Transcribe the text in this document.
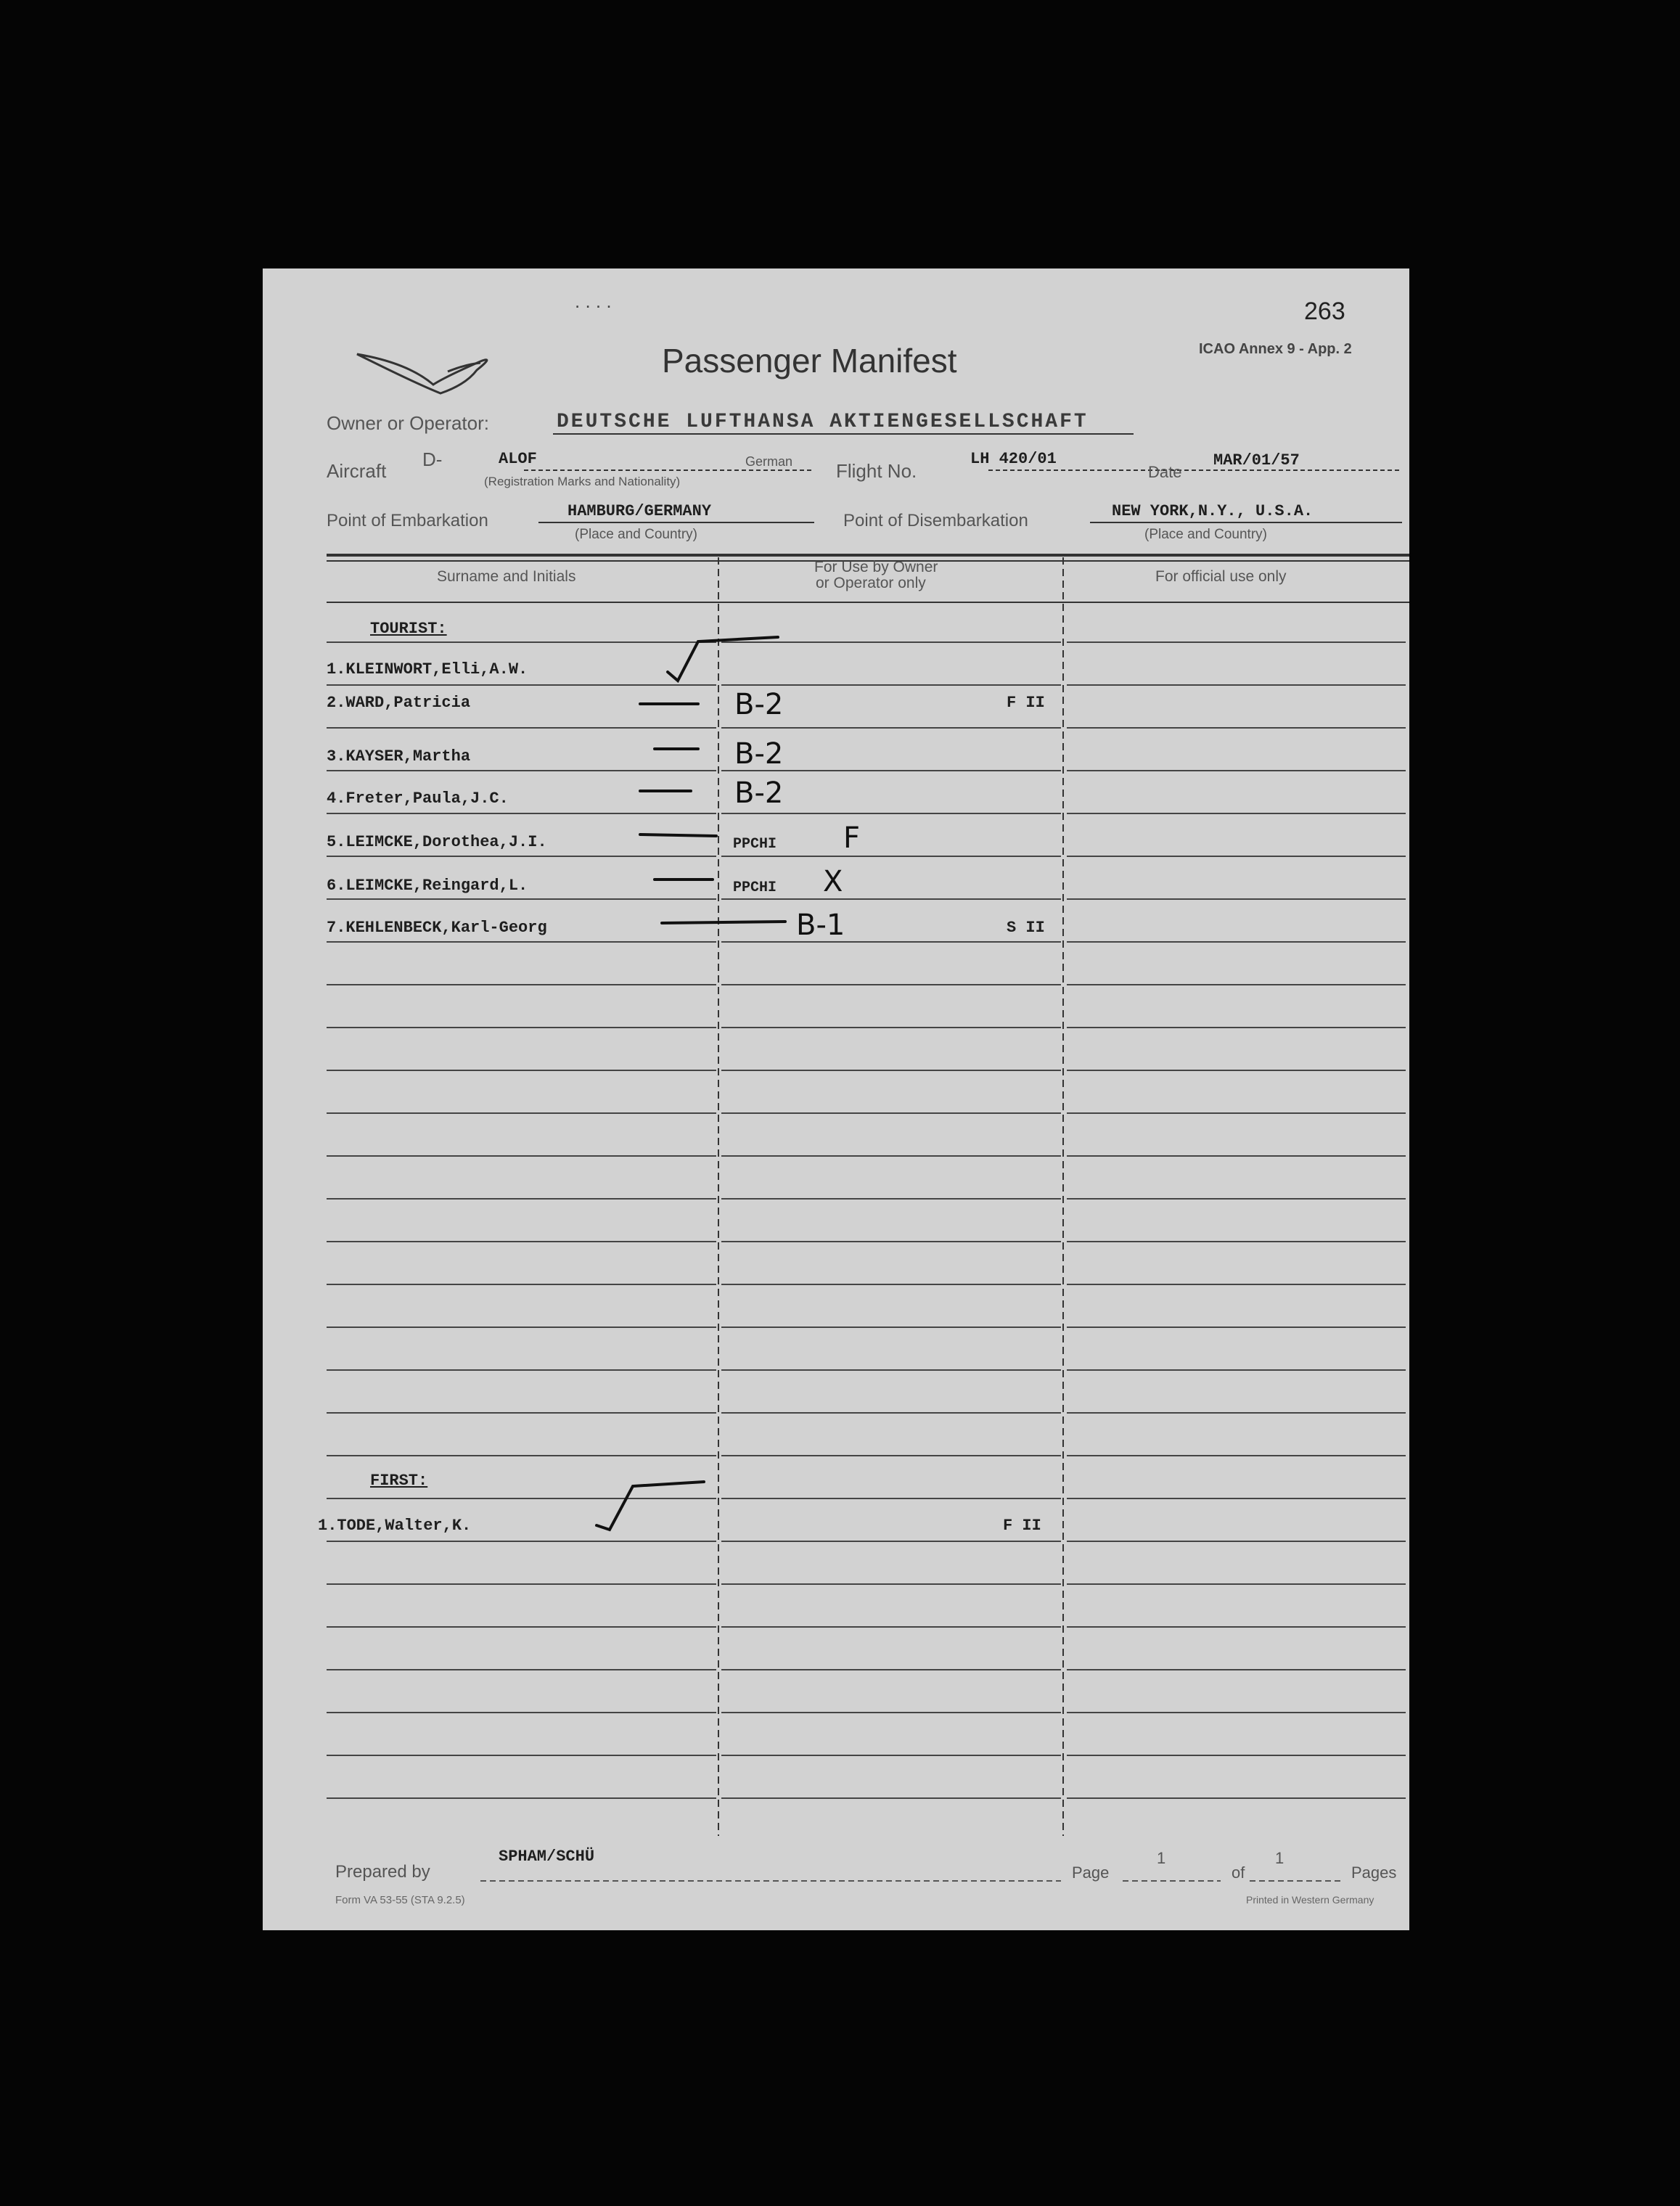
. . . .	263
Passenger Manifest	ICAO Annex 9 - App. 2
Owner or Operator:	DEUTSCHE LUFTHANSA AKTIENGESELLSCHAFT
Aircraft
D-	ALOF	German
(Registration Marks and Nationality)	Flight No.
LH 420/01
Date
MAR/01/57
Point of Embarkation	HAMBURG/GERMANY
(Place and Country)
Point of Disembarkation	NEW YORK,N.Y., U.S.A.
(Place and Country)
Surname and Initials
For Use by Owner
or Operator only	For official use only
TOURIST:
1.KLEINWORT,Elli,A.W.
2.WARD,Patricia	B-2	F II
3.KAYSER,Martha	B-2
4.Freter,Paula,J.C.	B-2
5.LEIMCKE,Dorothea,J.I.	PPCHI F
6.LEIMCKE,Reingard,L.	PPCHI X
7.KEHLENBECK,Karl-Georg	B-1	S II
FIRST:
1.TODE,Walter,K.	F II
Prepared by
SPHAM/SCHÜ
Page
1
of
1
Pages
Form VA 53-55 (STA 9.2.5)	Printed in Western Germany
